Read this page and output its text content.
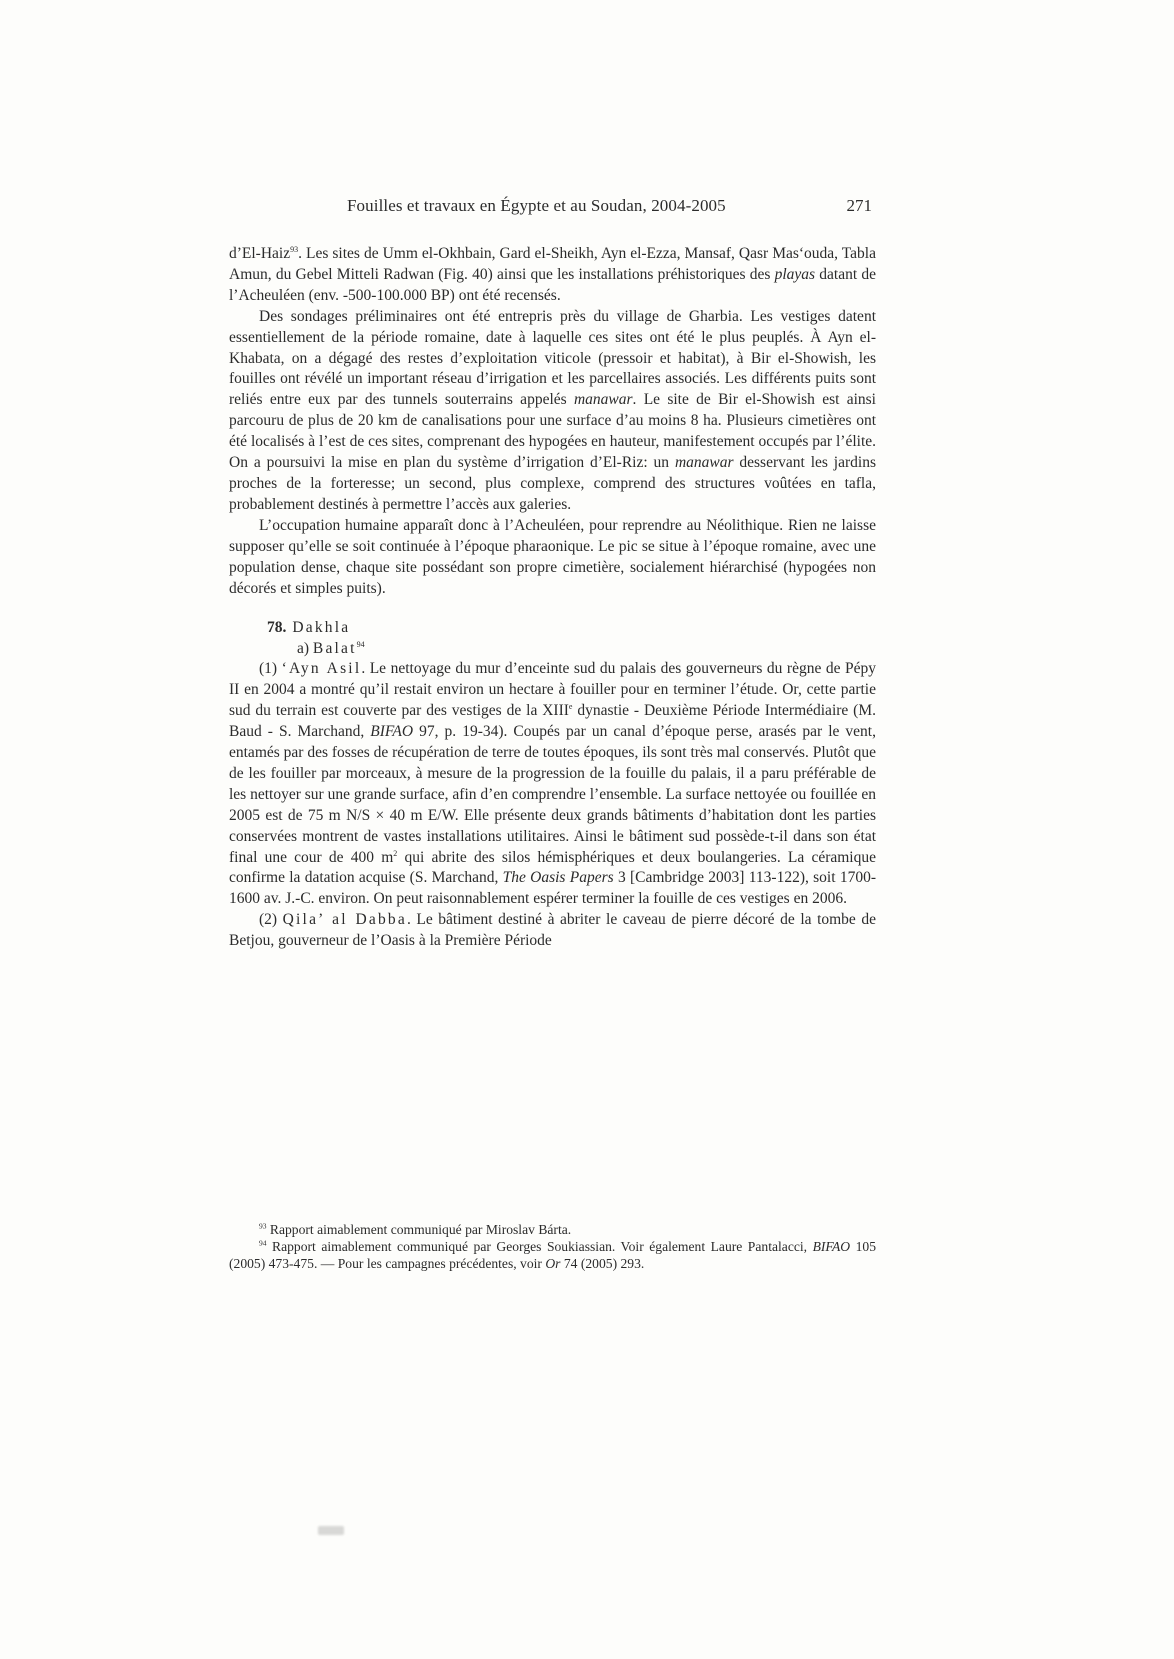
Fouilles et travaux en Égypte et au Soudan, 2004-2005	271

d’El-Haiz$^{93}$. Les sites de Umm el-Okhbain, Gard el-Sheikh, Ayn el-Ezza, Mansaf, Qasr Mas‘ouda, Tabla Amun, du Gebel Mitteli Radwan (Fig. 40) ainsi que les installations préhistoriques des playas datant de l’Acheuléen (env. -500-100.000 BP) ont été recensés.

Des sondages préliminaires ont été entrepris près du village de Gharbia. Les vestiges datent essentiellement de la période romaine, date à laquelle ces sites ont été le plus peuplés. À Ayn el-Khabata, on a dégagé des restes d’exploitation viticole (pressoir et habitat), à Bir el-Showish, les fouilles ont révélé un important réseau d’irrigation et les parcellaires associés. Les différents puits sont reliés entre eux par des tunnels souterrains appelés manawar. Le site de Bir el-Showish est ainsi parcouru de plus de 20 km de canalisations pour une surface d’au moins 8 ha. Plusieurs cimetières ont été localisés à l’est de ces sites, comprenant des hypogées en hauteur, manifestement occupés par l’élite. On a poursuivi la mise en plan du système d’irrigation d’El-Riz: un manawar desservant les jardins proches de la forteresse; un second, plus complexe, comprend des structures voûtées en tafla, probablement destinés à permettre l’accès aux galeries.

L’occupation humaine apparaît donc à l’Acheuléen, pour reprendre au Néolithique. Rien ne laisse supposer qu’elle se soit continuée à l’époque pharaonique. Le pic se situe à l’époque romaine, avec une population dense, chaque site possédant son propre cimetière, socialement hiérarchisé (hypogées non décorés et simples puits).

78. Dakhla
a) Balat$^{94}$

(1) ‘Ayn Asil. Le nettoyage du mur d’enceinte sud du palais des gouverneurs du règne de Pépy II en 2004 a montré qu’il restait environ un hectare à fouiller pour en terminer l’étude. Or, cette partie sud du terrain est couverte par des vestiges de la XIIIe dynastie - Deuxième Période Intermédiaire (M. Baud - S. Marchand, BIFAO 97, p. 19-34). Coupés par un canal d’époque perse, arasés par le vent, entamés par des fosses de récupération de terre de toutes époques, ils sont très mal conservés. Plutôt que de les fouiller par morceaux, à mesure de la progression de la fouille du palais, il a paru préférable de les nettoyer sur une grande surface, afin d’en comprendre l’ensemble. La surface nettoyée ou fouillée en 2005 est de 75 m N/S × 40 m E/W. Elle présente deux grands bâtiments d’habitation dont les parties conservées montrent de vastes installations utilitaires. Ainsi le bâtiment sud possède-t-il dans son état final une cour de 400 $m^2$ qui abrite des silos hémisphériques et deux boulangeries. La céramique confirme la datation acquise (S. Marchand, The Oasis Papers 3 [Cambridge 2003] 113-122), soit 1700-1600 av. J.-C. environ. On peut raisonnablement espérer terminer la fouille de ces vestiges en 2006.

(2) Qila’ al Dabba. Le bâtiment destiné à abriter le caveau de pierre décoré de la tombe de Betjou, gouverneur de l’Oasis à la Première Période

$^{93}$ Rapport aimablement communiqué par Miroslav Bárta.

$^{94}$ Rapport aimablement communiqué par Georges Soukiassian. Voir également Laure Pantalacci, BIFAO 105 (2005) 473-475. — Pour les campagnes précédentes, voir Or 74 (2005) 293.
